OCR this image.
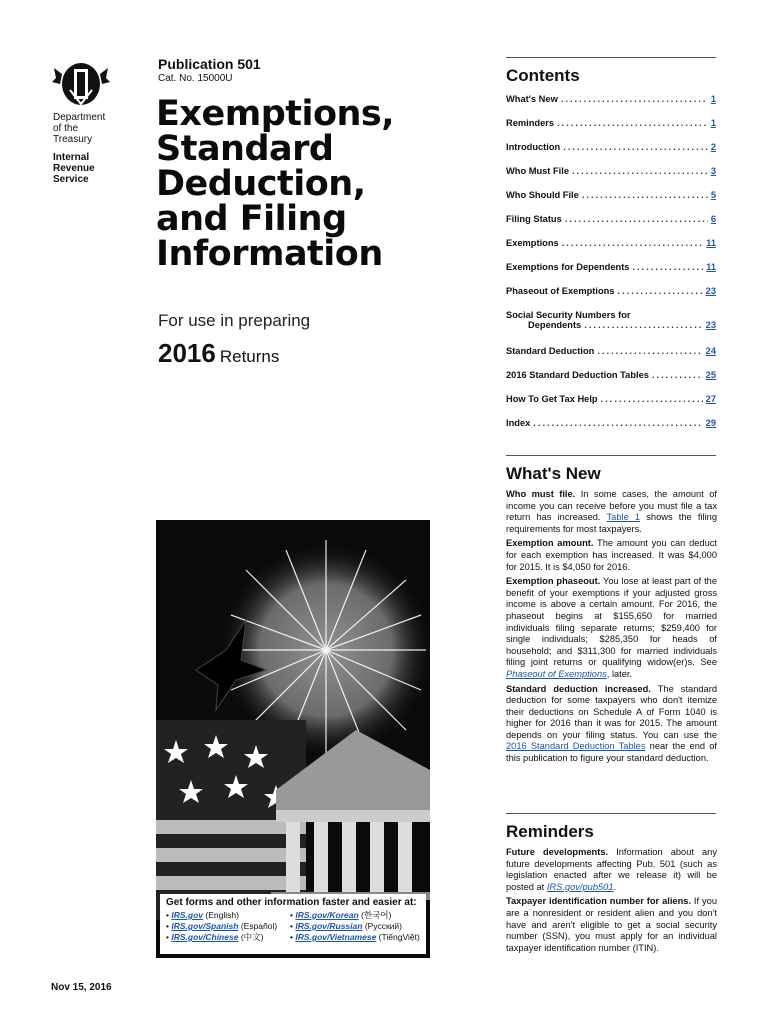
Department
of the
Treasury
Internal
Revenue
Service
Publication 501
Cat. No. 15000U
Exemptions,
Standard
Deduction,
and Filing
Information
For use in preparing
2016 Returns
Get forms and other information faster and easier at:
• IRS.gov (English)	• IRS.gov/Korean (한국어)
• IRS.gov/Spanish (Español) • IRS.gov/Russian (Pусский)
• IRS.gov/Chinese (中文)	• IRS.gov/Vietnamese (TiếngViệt)
Nov 15, 2016
Contents
What's New .....	1
Reminders .....	1
Introduction .....	2
Who Must File .....	3
Who Should File .....	5
Filing Status .....	6
Exemptions .....	11
Exemptions for Dependents .....	11
Phaseout of Exemptions .....	23
Social Security Numbers for
Dependents .....	23
Standard Deduction .....	24
2016 Standard Deduction Tables .....	25
How To Get Tax Help .....	27
Index .....	29
What's New

Who must file. In some cases, the amount of income you can receive before you must file a tax return has increased. Table 1 shows the filing requirements for most taxpayers.

Exemption amount. The amount you can deduct for each exemption has increased. It was $4,000 for 2015. It is $4,050 for 2016.

Exemption phaseout. You lose at least part of the benefit of your exemptions if your adjusted gross income is above a certain amount. For 2016, the phaseout begins at $155,650 for married individuals filing separate returns; $259,400 for single individuals; $285,350 for heads of household; and $311,300 for married individuals filing joint returns or qualifying widow(er)s. See Phaseout of Exemptions, later.

Standard deduction increased. The standard deduction for some taxpayers who don't itemize their deductions on Schedule A of Form 1040 is higher for 2016 than it was for 2015. The amount depends on your filing status. You can use the 2016 Standard Deduction Tables near the end of this publication to figure your standard deduction.

Reminders

Future developments. Information about any future developments affecting Pub. 501 (such as legislation enacted after we release it) will be posted at IRS.gov/pub501.

Taxpayer identification number for aliens. If you are a nonresident or resident alien and you don't have and aren't eligible to get a social security number (SSN), you must apply for an individual taxpayer identification number (ITIN).
